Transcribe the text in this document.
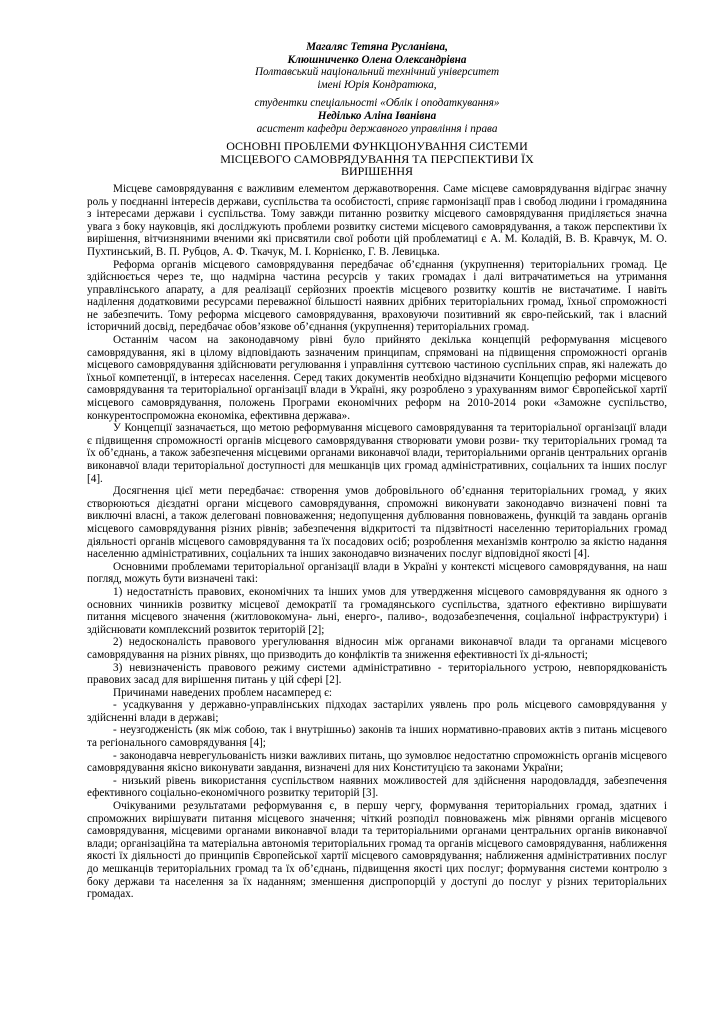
Магаляс Тетяна Русланівна,
Клюшниченко Олена Олександрівна
Полтавський національний технічний університет
імені Юрія Кондратюка,
студентки спеціальності «Облік і оподаткування»
Неділько Аліна Іванівна
асистент кафедри державного управління і права
ОСНОВНІ ПРОБЛЕМИ ФУНКЦІОНУВАННЯ СИСТЕМИ
МІСЦЕВОГО САМОВРЯДУВАННЯ ТА ПЕРСПЕКТИВИ ЇХ
ВИРІШЕННЯ

Місцеве самоврядування є важливим елементом державотворення. Саме місцеве самоврядування відіграє значну роль у поєднанні інтересів держави, суспільства та особистості, сприяє гармонізації прав і свобод людини і громадянина з інтересами держави і суспільства. Тому завжди питанню розвитку місцевого самоврядування приділяється значна увага з боку науковців, які досліджують проблеми розвитку системи місцевого самоврядування, а також перспективи їх вирішення, вітчизняними вченими які присвятили свої роботи цій проблематиці є А. М. Коладій, В. В. Кравчук, М. О. Пухтинський, В. П. Рубцов, А. Ф. Ткачук, М. І. Корнієнко, Г. В. Левицька.

Реформа органів місцевого самоврядування передбачає об’єднання (укрупнення) територіальних громад. Це здійснюється через те, що надмірна частина ресурсів у таких громадах і далі витрачатиметься на утримання управлінського апарату, а для реалізації серйозних проектів місцевого розвитку коштів не вистачатиме. І навіть наділення додатковими ресурсами переважної більшості наявних дрібних територіальних громад, їхньої спроможності не забезпечить. Тому реформа місцевого самоврядування, враховуючи позитивний як євро-пейський, так і власний історичний досвід, передбачає обов’язкове об’єднання (укрупнення) територіальних громад.

Останнім часом на законодавчому рівні було прийнято декілька концепцій реформування місцевого самоврядування, які в цілому відповідають зазначеним принципам, спрямовані на підвищення спроможності органів місцевого самоврядування здійснювати регулювання і управління суттєвою частиною суспільних справ, які належать до їхньої компетенції, в інтересах населення. Серед таких документів необхідно відзначити Концепцію реформи місцевого самоврядування та територіальної організації влади в Україні, яку розроблено з урахуванням вимог Європейської хартії місцевого самоврядування, положень Програми економічних реформ на 2010-2014 роки «Заможне суспільство, конкурентоспроможна економіка, ефективна держава».

У Концепції зазначається, що метою реформування місцевого самоврядування та територіальної організації влади є підвищення спроможності органів місцевого самоврядування створювати умови розви- тку територіальних громад та їх об’єднань, а також забезпечення місцевими органами виконавчої влади, територіальними органів центральних органів виконавчої влади територіальної доступності для мешканців цих громад адміністративних, соціальних та інших послуг [4].

Досягнення цієї мети передбачає: створення умов добровільного об’єднання територіальних громад, у яких створюються дієздатні органи місцевого самоврядування, спроможні виконувати законодавчо визначені повні та виключні власні, а також делеговані повноваження; недопущення дублювання повноважень, функцій та завдань органів місцевого самоврядування різних рівнів; забезпечення відкритості та підзвітності населенню територіальних громад діяльності органів місцевого самоврядування та їх посадових осіб; розроблення механізмів контролю за якістю надання населенню адміністративних, соціальних та інших законодавчо визначених послуг відповідної якості [4].

Основними проблемами територіальної організації влади в Україні у контексті місцевого самоврядування, на наш погляд, можуть бути визначені такі:

1) недостатність правових, економічних та інших умов для утвердження місцевого самоврядування як одного з основних чинників розвитку місцевої демократії та громадянського суспільства, здатного ефективно вирішувати питання місцевого значення (житловокомуна- льні, енерго-, паливо-, водозабезпечення, соціальної інфраструктури) і здійснювати комплексний розвиток територій [2];

2) недосконалість правового урегулювання відносин між органами виконавчої влади та органами місцевого самоврядування на різних рівнях, що призводить до конфліктів та зниження ефективності їх ді-яльності;

3) невизначеність правового режиму системи адміністративно - територіального устрою, невпорядкованість правових засад для вирішення питань у цій сфері [2].

Причинами наведених проблем насамперед є:

- усадкування у державно-управлінських підходах застарілих уявлень про роль місцевого самоврядування у здійсненні влади в державі;

- неузгодженість (як між собою, так і внутрішньо) законів та інших нормативно-правових актів з питань місцевого та регіонального самоврядування [4];

- законодавча неврегульованість низки важливих питань, що зумовлює недостатню спроможність органів місцевого самоврядування якісно виконувати завдання, визначені для них Конституцією та законами України;

- низький рівень використання суспільством наявних можливостей для здійснення народовладдя, забезпечення ефективного соціально-економічного розвитку територій [3].

Очікуваними результатами реформування є, в першу чергу, формування територіальних громад, здатних і спроможних вирішувати питання місцевого значення; чіткий розподіл повноважень між рівнями органів місцевого самоврядування, місцевими органами виконавчої влади та територіальними органами центральних органів виконавчої влади; організаційна та матеріальна автономія територіальних громад та органів місцевого самоврядування, наближення якості їх діяльності до принципів Європейської хартії місцевого самоврядування; наближення адміністративних послуг до мешканців територіальних громад та їх об’єднань, підвищення якості цих послуг; формування системи контролю з боку держави та населення за їх наданням; зменшення диспропорцій у доступі до послуг у різних територіальних громадах.
